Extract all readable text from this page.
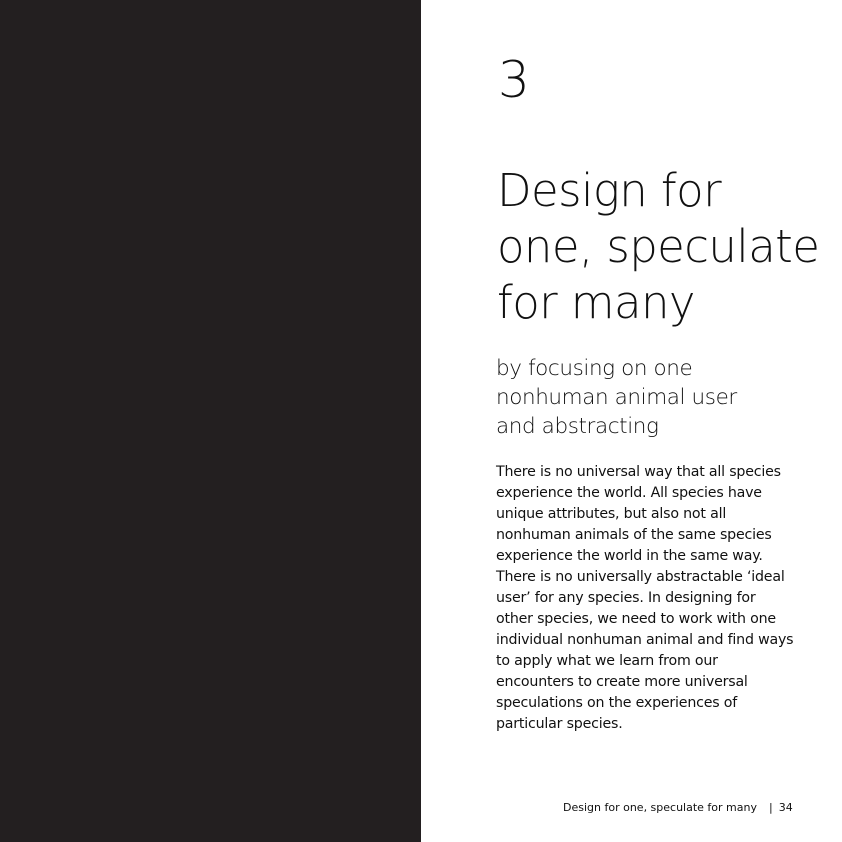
3
Design for
one, speculate
for many
by focusing on one
nonhuman animal user
and abstracting

There is no universal way that all species experience the world. All species have unique attributes, but also not all nonhuman animals of the same species experience the world in the same way. There is no universally abstractable ‘ideal user’ for any species. In designing for other species, we need to work with one individual nonhuman animal and find ways to apply what we learn from our encounters to create more universal speculations on the experiences of particular species.

Design for one, speculate for many | 34
